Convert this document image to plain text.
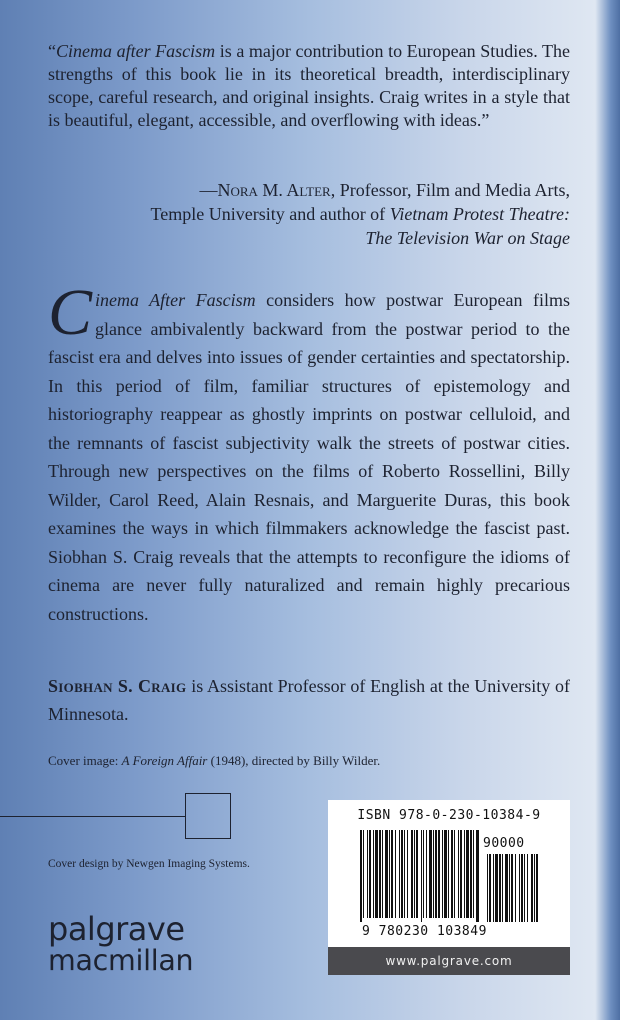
“Cinema after Fascism is a major contribution to European Studies. The strengths of this book lie in its theoretical breadth, interdisciplinary scope, careful research, and original insights. Craig writes in a style that is beautiful, elegant, accessible, and overflowing with ideas.”
—Nora M. Alter, Professor, Film and Media Arts,
Temple University and author of Vietnam Protest Theatre:
The Television War on Stage
Cinema After Fascism considers how postwar European films glance ambivalently backward from the postwar period to the fascist era and delves into issues of gender certainties and spectatorship. In this period of film, familiar structures of epistemology and historiography reappear as ghostly imprints on postwar celluloid, and the remnants of fascist subjectivity walk the streets of postwar cities. Through new perspectives on the films of Roberto Rossellini, Billy Wilder, Carol Reed, Alain Resnais, and Marguerite Duras, this book examines the ways in which filmmakers acknowledge the fascist past. Siobhan S. Craig reveals that the attempts to reconfigure the idioms of cinema are never fully naturalized and remain highly precarious constructions.
Siobhan S. Craig is Assistant Professor of English at the University of Minnesota.
Cover image: A Foreign Affair (1948), directed by Billy Wilder.
Cover design by Newgen Imaging Systems.
palgrave
macmillan
ISBN 978-0-230-10384-9
90000
9 780230 103849
www.palgrave.com
